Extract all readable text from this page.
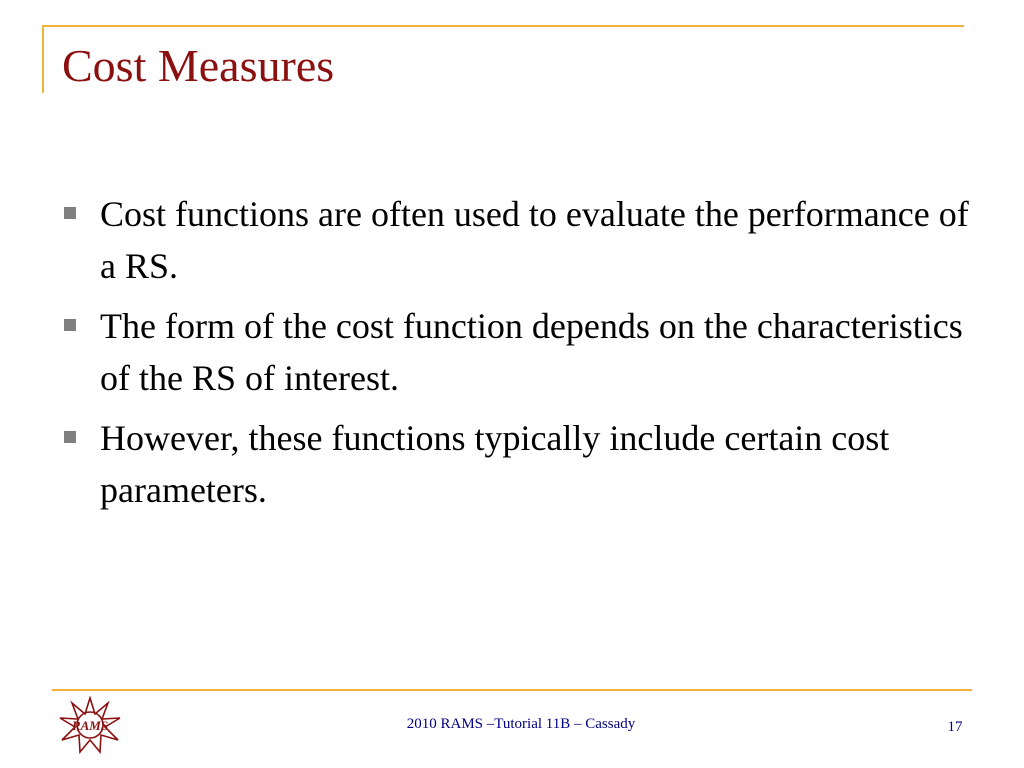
Cost Measures
Cost functions are often used to evaluate the performance of a RS.
The form of the cost function depends on the characteristics of the RS of interest.
However, these functions typically include certain cost parameters.
RAMS	2010 RAMS –Tutorial 11B – Cassady	17
